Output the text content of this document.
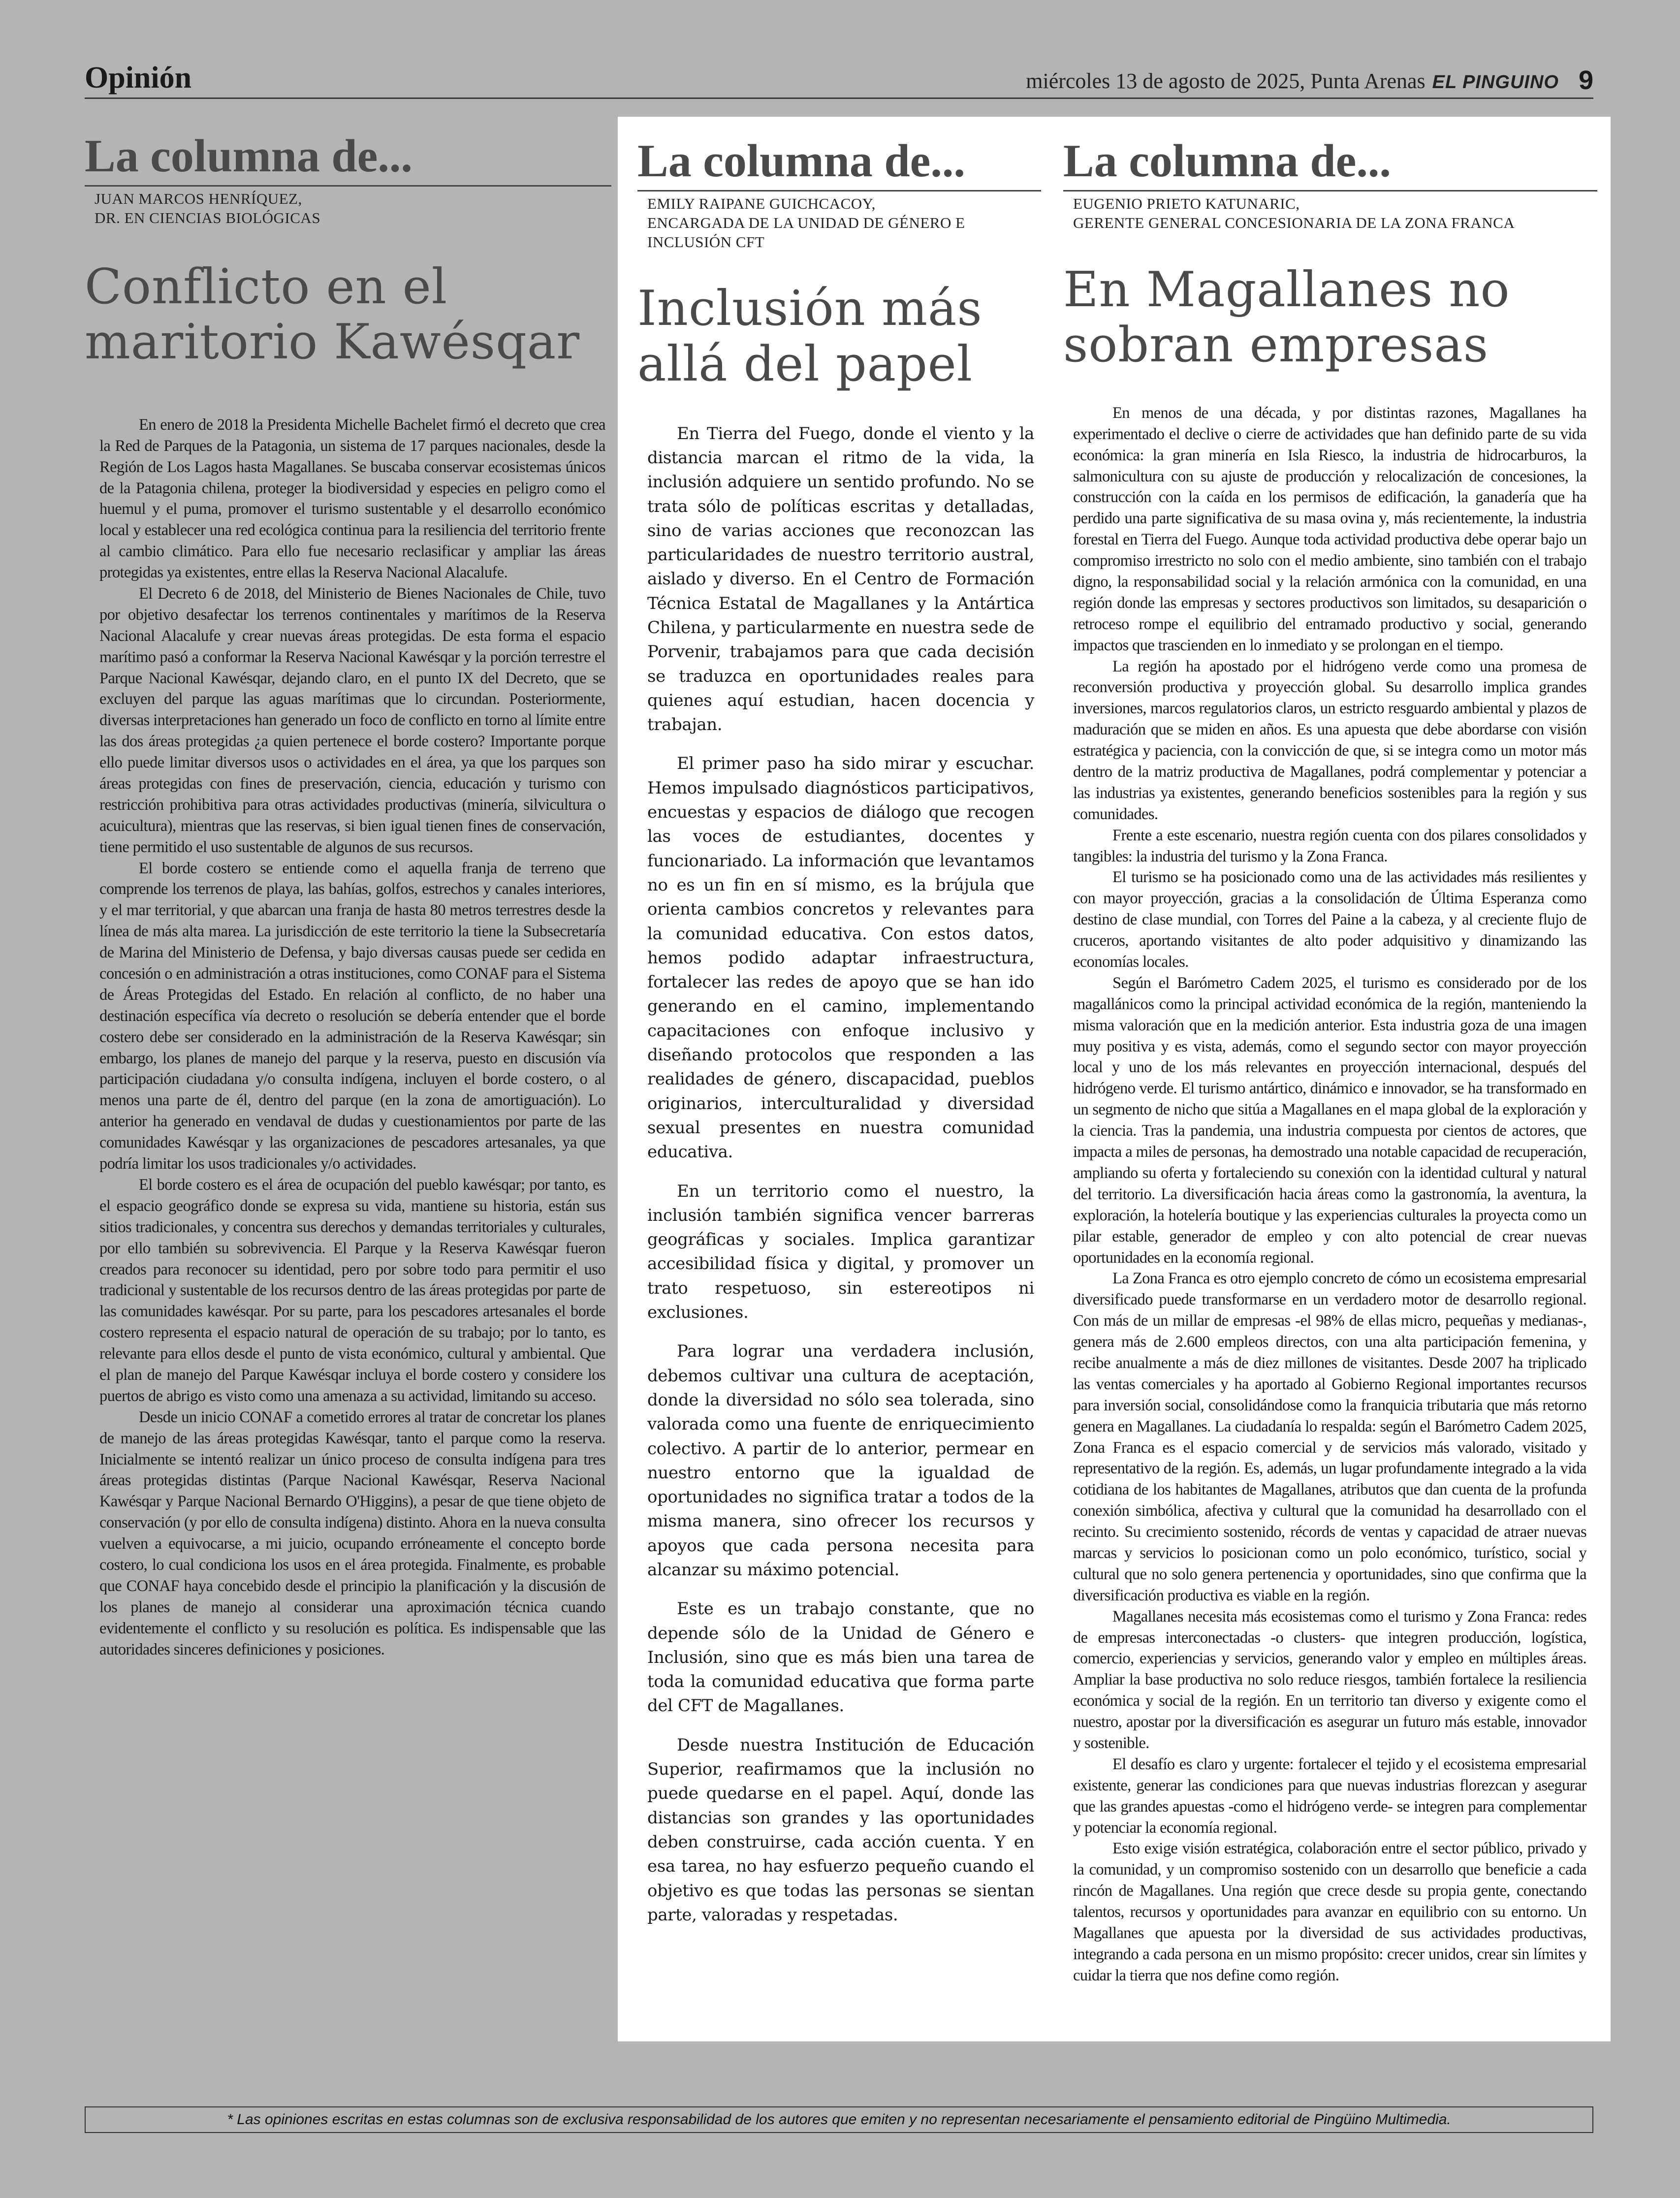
Opinión	miércoles 13 de agosto de 2025, Punta Arenas EL PINGUINO 9
La columna de...
JUAN MARCOS HENRÍQUEZ,
DR. EN CIENCIAS BIOLÓGICAS
Conflicto en el maritorio Kawésqar

En enero de 2018 la Presidenta Michelle Bachelet firmó el decreto que crea la Red de Parques de la Patagonia, un sistema de 17 parques nacionales, desde la Región de Los Lagos hasta Magallanes. Se buscaba conservar ecosistemas únicos de la Patagonia chilena, proteger la biodiversidad y especies en peligro como el huemul y el puma, promover el turismo sustentable y el desarrollo económico local y establecer una red ecológica continua para la resiliencia del territorio frente al cambio climático. Para ello fue necesario reclasificar y ampliar las áreas protegidas ya existentes, entre ellas la Reserva Nacional Alacalufe.

El Decreto 6 de 2018, del Ministerio de Bienes Nacionales de Chile, tuvo por objetivo desafectar los terrenos continentales y marítimos de la Reserva Nacional Alacalufe y crear nuevas áreas protegidas. De esta forma el espacio marítimo pasó a conformar la Reserva Nacional Kawésqar y la porción terrestre el Parque Nacional Kawésqar, dejando claro, en el punto IX del Decreto, que se excluyen del parque las aguas marítimas que lo circundan. Posteriormente, diversas interpretaciones han generado un foco de conflicto en torno al límite entre las dos áreas protegidas ¿a quien pertenece el borde costero? Importante porque ello puede limitar diversos usos o actividades en el área, ya que los parques son áreas protegidas con fines de preservación, ciencia, educación y turismo con restricción prohibitiva para otras actividades productivas (minería, silvicultura o acuicultura), mientras que las reservas, si bien igual tienen fines de conservación, tiene permitido el uso sustentable de algunos de sus recursos.

El borde costero se entiende como el aquella franja de terreno que comprende los terrenos de playa, las bahías, golfos, estrechos y canales interiores, y el mar territorial, y que abarcan una franja de hasta 80 metros terrestres desde la línea de más alta marea. La jurisdicción de este territorio la tiene la Subsecretaría de Marina del Ministerio de Defensa, y bajo diversas causas puede ser cedida en concesión o en administración a otras instituciones, como CONAF para el Sistema de Áreas Protegidas del Estado. En relación al conflicto, de no haber una destinación específica vía decreto o resolución se debería entender que el borde costero debe ser considerado en la administración de la Reserva Kawésqar; sin embargo, los planes de manejo del parque y la reserva, puesto en discusión vía participación ciudadana y/o consulta indígena, incluyen el borde costero, o al menos una parte de él, dentro del parque (en la zona de amortiguación). Lo anterior ha generado en vendaval de dudas y cuestionamientos por parte de las comunidades Kawésqar y las organizaciones de pescadores artesanales, ya que podría limitar los usos tradicionales y/o actividades.

El borde costero es el área de ocupación del pueblo kawésqar; por tanto, es el espacio geográfico donde se expresa su vida, mantiene su historia, están sus sitios tradicionales, y concentra sus derechos y demandas territoriales y culturales, por ello también su sobrevivencia. El Parque y la Reserva Kawésqar fueron creados para reconocer su identidad, pero por sobre todo para permitir el uso tradicional y sustentable de los recursos dentro de las áreas protegidas por parte de las comunidades kawésqar. Por su parte, para los pescadores artesanales el borde costero representa el espacio natural de operación de su trabajo; por lo tanto, es relevante para ellos desde el punto de vista económico, cultural y ambiental. Que el plan de manejo del Parque Kawésqar incluya el borde costero y considere los puertos de abrigo es visto como una amenaza a su actividad, limitando su acceso.

Desde un inicio CONAF a cometido errores al tratar de concretar los planes de manejo de las áreas protegidas Kawésqar, tanto el parque como la reserva. Inicialmente se intentó realizar un único proceso de consulta indígena para tres áreas protegidas distintas (Parque Nacional Kawésqar, Reserva Nacional Kawésqar y Parque Nacional Bernardo O'Higgins), a pesar de que tiene objeto de conservación (y por ello de consulta indígena) distinto. Ahora en la nueva consulta vuelven a equivocarse, a mi juicio, ocupando erróneamente el concepto borde costero, lo cual condiciona los usos en el área protegida. Finalmente, es probable que CONAF haya concebido desde el principio la planificación y la discusión de los planes de manejo al considerar una aproximación técnica cuando evidentemente el conflicto y su resolución es política. Es indispensable que las autoridades sinceres definiciones y posiciones.

La columna de...
EMILY RAIPANE GUICHCACOY,
ENCARGADA DE LA UNIDAD DE GÉNERO E INCLUSIÓN CFT
Inclusión más allá del papel

En Tierra del Fuego, donde el viento y la distancia marcan el ritmo de la vida, la inclusión adquiere un sentido profundo. No se trata sólo de políticas escritas y detalladas, sino de varias acciones que reconozcan las particularidades de nuestro territorio austral, aislado y diverso. En el Centro de Formación Técnica Estatal de Magallanes y la Antártica Chilena, y particularmente en nuestra sede de Porvenir, trabajamos para que cada decisión se traduzca en oportunidades reales para quienes aquí estudian, hacen docencia y trabajan.

El primer paso ha sido mirar y escuchar. Hemos impulsado diagnósticos participativos, encuestas y espacios de diálogo que recogen las voces de estudiantes, docentes y funcionariado. La información que levantamos no es un fin en sí mismo, es la brújula que orienta cambios concretos y relevantes para la comunidad educativa. Con estos datos, hemos podido adaptar infraestructura, fortalecer las redes de apoyo que se han ido generando en el camino, implementando capacitaciones con enfoque inclusivo y diseñando protocolos que responden a las realidades de género, discapacidad, pueblos originarios, interculturalidad y diversidad sexual presentes en nuestra comunidad educativa.

En un territorio como el nuestro, la inclusión también significa vencer barreras geográficas y sociales. Implica garantizar accesibilidad física y digital, y promover un trato respetuoso, sin estereotipos ni exclusiones.

Para lograr una verdadera inclusión, debemos cultivar una cultura de aceptación, donde la diversidad no sólo sea tolerada, sino valorada como una fuente de enriquecimiento colectivo. A partir de lo anterior, permear en nuestro entorno que la igualdad de oportunidades no significa tratar a todos de la misma manera, sino ofrecer los recursos y apoyos que cada persona necesita para alcanzar su máximo potencial.

Este es un trabajo constante, que no depende sólo de la Unidad de Género e Inclusión, sino que es más bien una tarea de toda la comunidad educativa que forma parte del CFT de Magallanes.

Desde nuestra Institución de Educación Superior, reafirmamos que la inclusión no puede quedarse en el papel. Aquí, donde las distancias son grandes y las oportunidades deben construirse, cada acción cuenta. Y en esa tarea, no hay esfuerzo pequeño cuando el objetivo es que todas las personas se sientan parte, valoradas y respetadas.

La columna de...
EUGENIO PRIETO KATUNARIC,
GERENTE GENERAL CONCESIONARIA DE LA ZONA FRANCA
En Magallanes no sobran empresas

En menos de una década, y por distintas razones, Magallanes ha experimentado el declive o cierre de actividades que han definido parte de su vida económica: la gran minería en Isla Riesco, la industria de hidrocarburos, la salmonicultura con su ajuste de producción y relocalización de concesiones, la construcción con la caída en los permisos de edificación, la ganadería que ha perdido una parte significativa de su masa ovina y, más recientemente, la industria forestal en Tierra del Fuego. Aunque toda actividad productiva debe operar bajo un compromiso irrestricto no solo con el medio ambiente, sino también con el trabajo digno, la responsabilidad social y la relación armónica con la comunidad, en una región donde las empresas y sectores productivos son limitados, su desaparición o retroceso rompe el equilibrio del entramado productivo y social, generando impactos que trascienden en lo inmediato y se prolongan en el tiempo.

La región ha apostado por el hidrógeno verde como una promesa de reconversión productiva y proyección global. Su desarrollo implica grandes inversiones, marcos regulatorios claros, un estricto resguardo ambiental y plazos de maduración que se miden en años. Es una apuesta que debe abordarse con visión estratégica y paciencia, con la convicción de que, si se integra como un motor más dentro de la matriz productiva de Magallanes, podrá complementar y potenciar a las industrias ya existentes, generando beneficios sostenibles para la región y sus comunidades.

Frente a este escenario, nuestra región cuenta con dos pilares consolidados y tangibles: la industria del turismo y la Zona Franca.

El turismo se ha posicionado como una de las actividades más resilientes y con mayor proyección, gracias a la consolidación de Última Esperanza como destino de clase mundial, con Torres del Paine a la cabeza, y al creciente flujo de cruceros, aportando visitantes de alto poder adquisitivo y dinamizando las economías locales.

Según el Barómetro Cadem 2025, el turismo es considerado por de los magallánicos como la principal actividad económica de la región, manteniendo la misma valoración que en la medición anterior. Esta industria goza de una imagen muy positiva y es vista, además, como el segundo sector con mayor proyección local y uno de los más relevantes en proyección internacional, después del hidrógeno verde. El turismo antártico, dinámico e innovador, se ha transformado en un segmento de nicho que sitúa a Magallanes en el mapa global de la exploración y la ciencia. Tras la pandemia, una industria compuesta por cientos de actores, que impacta a miles de personas, ha demostrado una notable capacidad de recuperación, ampliando su oferta y fortaleciendo su conexión con la identidad cultural y natural del territorio. La diversificación hacia áreas como la gastronomía, la aventura, la exploración, la hotelería boutique y las experiencias culturales la proyecta como un pilar estable, generador de empleo y con alto potencial de crear nuevas oportunidades en la economía regional.

La Zona Franca es otro ejemplo concreto de cómo un ecosistema empresarial diversificado puede transformarse en un verdadero motor de desarrollo regional. Con más de un millar de empresas -el 98% de ellas micro, pequeñas y medianas-, genera más de 2.600 empleos directos, con una alta participación femenina, y recibe anualmente a más de diez millones de visitantes. Desde 2007 ha triplicado las ventas comerciales y ha aportado al Gobierno Regional importantes recursos para inversión social, consolidándose como la franquicia tributaria que más retorno genera en Magallanes. La ciudadanía lo respalda: según el Barómetro Cadem 2025, Zona Franca es el espacio comercial y de servicios más valorado, visitado y representativo de la región. Es, además, un lugar profundamente integrado a la vida cotidiana de los habitantes de Magallanes, atributos que dan cuenta de la profunda conexión simbólica, afectiva y cultural que la comunidad ha desarrollado con el recinto. Su crecimiento sostenido, récords de ventas y capacidad de atraer nuevas marcas y servicios lo posicionan como un polo económico, turístico, social y cultural que no solo genera pertenencia y oportunidades, sino que confirma que la diversificación productiva es viable en la región.

Magallanes necesita más ecosistemas como el turismo y Zona Franca: redes de empresas interconectadas -o clusters- que integren producción, logística, comercio, experiencias y servicios, generando valor y empleo en múltiples áreas. Ampliar la base productiva no solo reduce riesgos, también fortalece la resiliencia económica y social de la región. En un territorio tan diverso y exigente como el nuestro, apostar por la diversificación es asegurar un futuro más estable, innovador y sostenible.

El desafío es claro y urgente: fortalecer el tejido y el ecosistema empresarial existente, generar las condiciones para que nuevas industrias florezcan y asegurar que las grandes apuestas -como el hidrógeno verde- se integren para complementar y potenciar la economía regional.

Esto exige visión estratégica, colaboración entre el sector público, privado y la comunidad, y un compromiso sostenido con un desarrollo que beneficie a cada rincón de Magallanes. Una región que crece desde su propia gente, conectando talentos, recursos y oportunidades para avanzar en equilibrio con su entorno. Un Magallanes que apuesta por la diversidad de sus actividades productivas, integrando a cada persona en un mismo propósito: crecer unidos, crear sin límites y cuidar la tierra que nos define como región.

* Las opiniones escritas en estas columnas son de exclusiva responsabilidad de los autores que emiten y no representan necesariamente el pensamiento editorial de Pingüino Multimedia.
